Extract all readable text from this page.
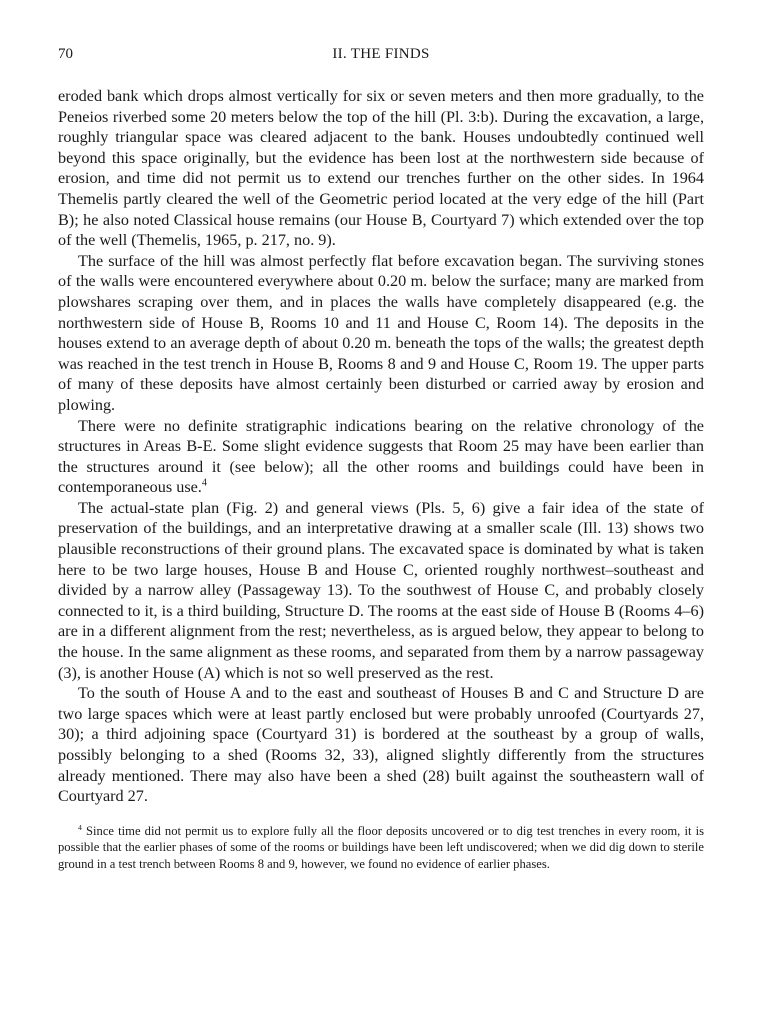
70	II. THE FINDS

eroded bank which drops almost vertically for six or seven meters and then more gradually, to the Peneios riverbed some 20 meters below the top of the hill (Pl. 3:b). During the excavation, a large, roughly triangular space was cleared adjacent to the bank. Houses undoubtedly continued well beyond this space originally, but the evidence has been lost at the northwestern side because of erosion, and time did not permit us to extend our trenches further on the other sides. In 1964 Themelis partly cleared the well of the Geometric period located at the very edge of the hill (Part B); he also noted Classical house remains (our House B, Courtyard 7) which extended over the top of the well (Themelis, 1965, p. 217, no. 9).

The surface of the hill was almost perfectly flat before excavation began. The surviving stones of the walls were encountered everywhere about 0.20 m. below the surface; many are marked from plowshares scraping over them, and in places the walls have completely disappeared (e.g. the northwestern side of House B, Rooms 10 and 11 and House C, Room 14). The deposits in the houses extend to an average depth of about 0.20 m. beneath the tops of the walls; the greatest depth was reached in the test trench in House B, Rooms 8 and 9 and House C, Room 19. The upper parts of many of these deposits have almost certainly been disturbed or carried away by erosion and plowing.

There were no definite stratigraphic indications bearing on the relative chronology of the structures in Areas B-E. Some slight evidence suggests that Room 25 may have been earlier than the structures around it (see below); all the other rooms and buildings could have been in contemporaneous use.$^4$

The actual-state plan (Fig. 2) and general views (Pls. 5, 6) give a fair idea of the state of preservation of the buildings, and an interpretative drawing at a smaller scale (Ill. 13) shows two plausible reconstructions of their ground plans. The excavated space is dominated by what is taken here to be two large houses, House B and House C, oriented roughly northwest–southeast and divided by a narrow alley (Passageway 13). To the southwest of House C, and probably closely connected to it, is a third building, Structure D. The rooms at the east side of House B (Rooms 4–6) are in a different alignment from the rest; nevertheless, as is argued below, they appear to belong to the house. In the same alignment as these rooms, and separated from them by a narrow passageway (3), is another House (A) which is not so well preserved as the rest.

To the south of House A and to the east and southeast of Houses B and C and Structure D are two large spaces which were at least partly enclosed but were probably unroofed (Courtyards 27, 30); a third adjoining space (Courtyard 31) is bordered at the southeast by a group of walls, possibly belonging to a shed (Rooms 32, 33), aligned slightly differently from the structures already mentioned. There may also have been a shed (28) built against the southeastern wall of Courtyard 27.

$^4$ Since time did not permit us to explore fully all the floor deposits uncovered or to dig test trenches in every room, it is possible that the earlier phases of some of the rooms or buildings have been left undiscovered; when we did dig down to sterile ground in a test trench between Rooms 8 and 9, however, we found no evidence of earlier phases.
